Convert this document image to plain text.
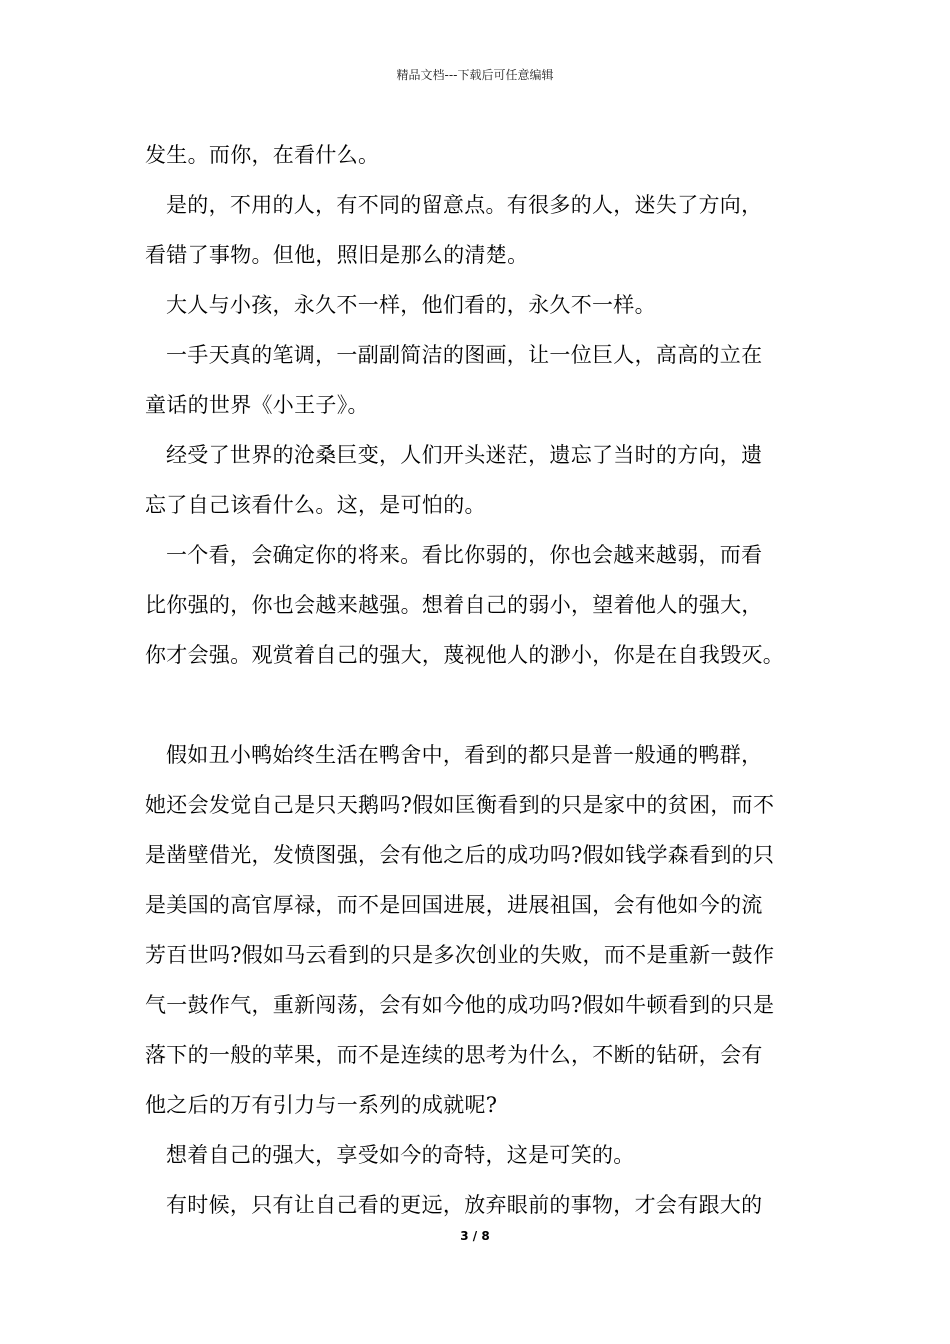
精品文档---下载后可任意编辑
发生。而你，在看什么。
是的，不用的人，有不同的留意点。有很多的人，迷失了方向，
看错了事物。但他，照旧是那么的清楚。
大人与小孩，永久不一样，他们看的，永久不一样。
一手天真的笔调，一副副简洁的图画，让一位巨人，高高的立在
童话的世界《小王子》。
经受了世界的沧桑巨变，人们开头迷茫，遗忘了当时的方向，遗
忘了自己该看什么。这，是可怕的。
一个看，会确定你的将来。看比你弱的，你也会越来越弱，而看
比你强的，你也会越来越强。想着自己的弱小，望着他人的强大，
你才会强。观赏着自己的强大，蔑视他人的渺小，你是在自我毁灭。
假如丑小鸭始终生活在鸭舍中，看到的都只是普一般通的鸭群，
她还会发觉自己是只天鹅吗?假如匡衡看到的只是家中的贫困，而不
是凿壁借光，发愤图强，会有他之后的成功吗?假如钱学森看到的只
是美国的高官厚禄，而不是回国进展，进展祖国，会有他如今的流
芳百世吗?假如马云看到的只是多次创业的失败，而不是重新一鼓作
气一鼓作气，重新闯荡，会有如今他的成功吗?假如牛顿看到的只是
落下的一般的苹果，而不是连续的思考为什么，不断的钻研，会有
他之后的万有引力与一系列的成就呢?
想着自己的强大，享受如今的奇特，这是可笑的。
有时候，只有让自己看的更远，放弃眼前的事物，才会有跟大的
3 / 8
